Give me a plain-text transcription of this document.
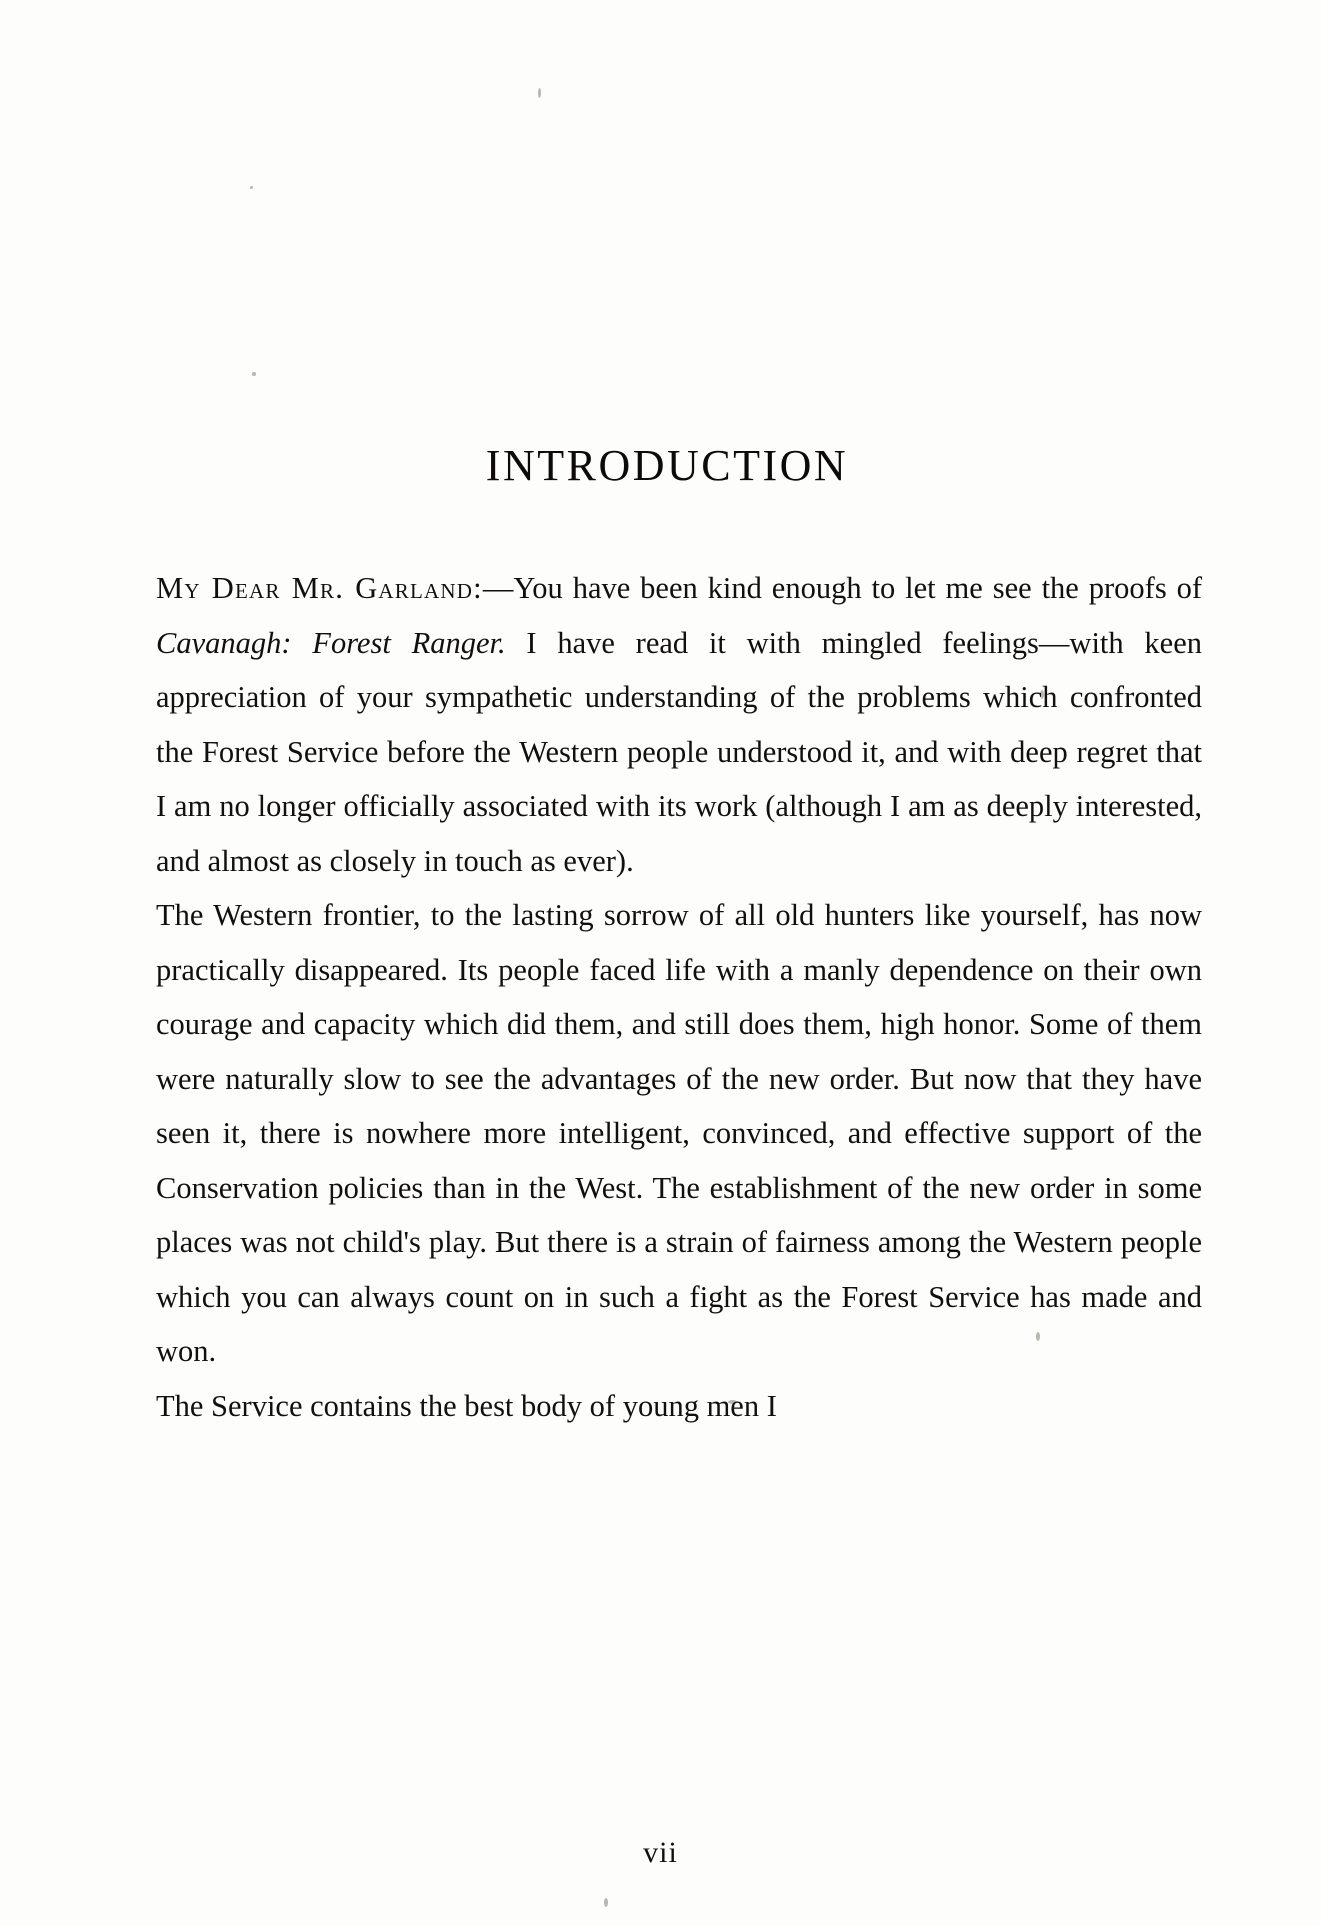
INTRODUCTION

My Dear Mr. Garland:—You have been kind enough to let me see the proofs of Cavanagh: Forest Ranger. I have read it with mingled feelings—with keen appreciation of your sympathetic understanding of the problems which confronted the Forest Service before the Western people understood it, and with deep regret that I am no longer officially associated with its work (although I am as deeply interested, and almost as closely in touch as ever).

The Western frontier, to the lasting sorrow of all old hunters like yourself, has now practically disappeared. Its people faced life with a manly dependence on their own courage and capacity which did them, and still does them, high honor. Some of them were naturally slow to see the advantages of the new order. But now that they have seen it, there is nowhere more intelligent, convinced, and effective support of the Conservation policies than in the West. The establishment of the new order in some places was not child's play. But there is a strain of fairness among the Western people which you can always count on in such a fight as the Forest Service has made and won.

The Service contains the best body of young men I

vii
